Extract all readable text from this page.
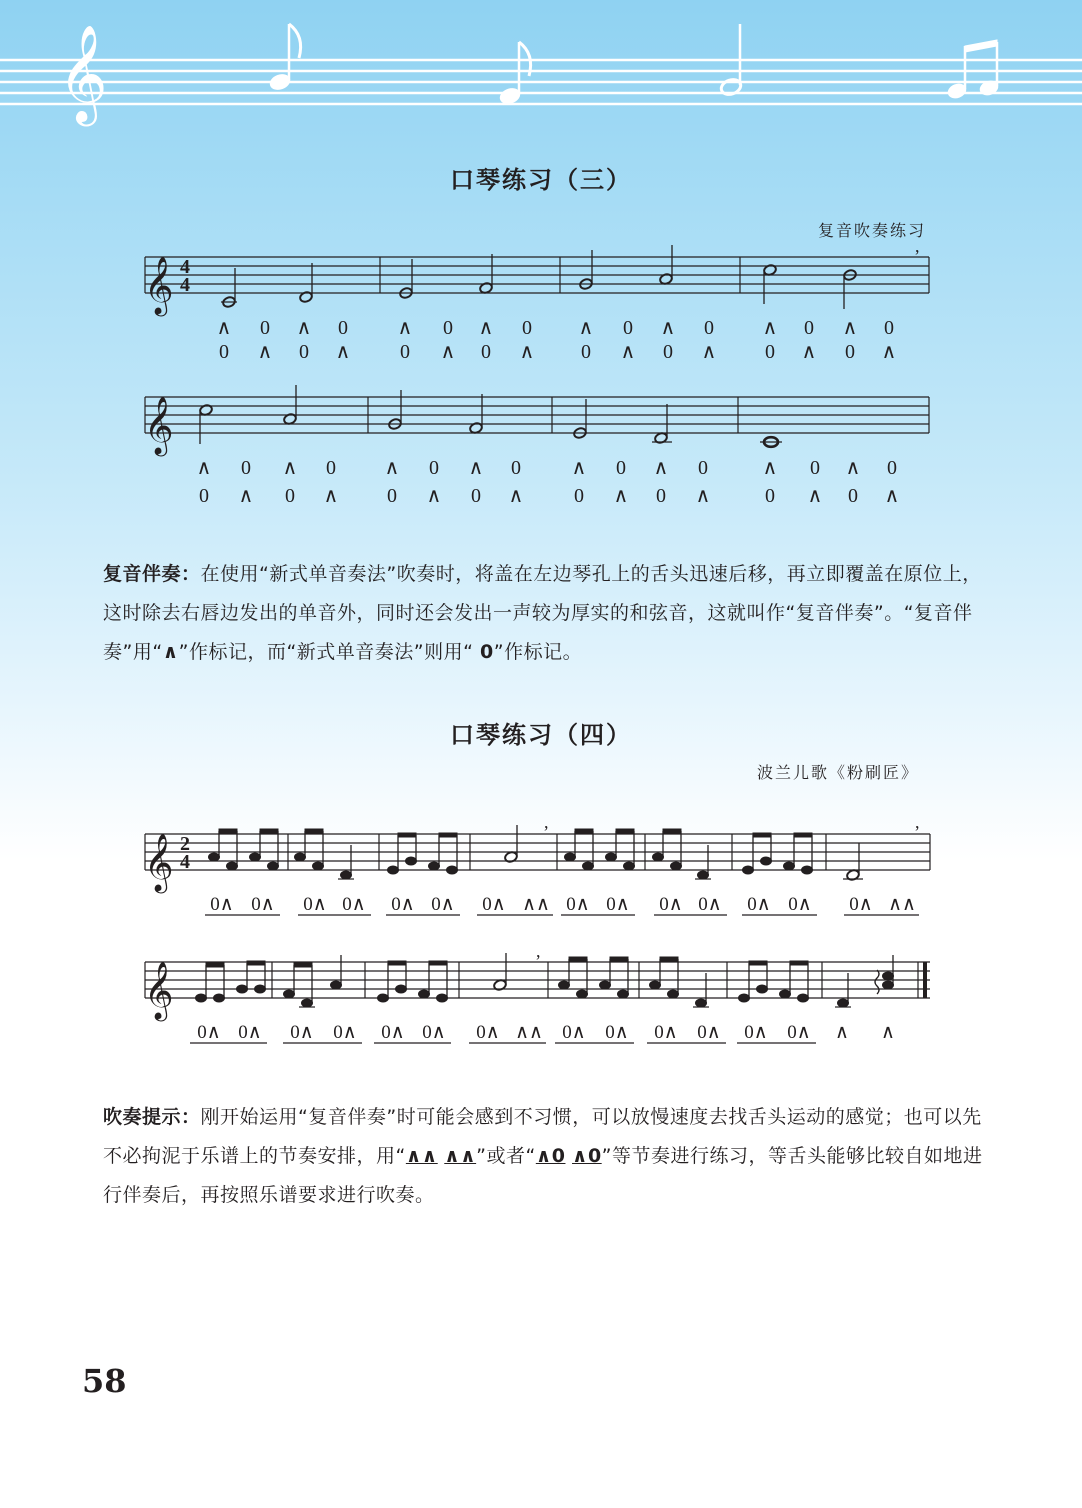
𝄞
口琴练习（三）
复音吹奏练习
𝄞 4
4
,
∧ 0 ∧ 0 ∧ 0 ∧ 0 ∧ 0 ∧ 0 ∧ 0 ∧ 0
0 ∧ 0 ∧ 0 ∧ 0 ∧ 0 ∧ 0 ∧ 0 ∧ 0 ∧
𝄞
∧ 0 ∧ 0 ∧ 0 ∧ 0	∧ 0 ∧ 0	∧ 0 ∧ 0
0 ∧ 0 ∧ 0 ∧ 0 ∧	0 ∧ 0 ∧	0 ∧ 0 ∧
𝄞 2
4
,	,
0∧ 0∧ 0∧ 0∧ 0∧ 0∧ 0∧ ∧∧ 0∧ 0∧ 0∧ 0∧ 0∧ 0∧ 0∧ ∧∧
𝄞
,
0∧ 0∧ 0∧ 0∧ 0∧ 0∧ 0∧ ∧∧ 0∧ 0∧ 0∧ 0∧ 0∧ 0∧ ∧ ∧
复音伴奏：在使用“新式单音奏法”吹奏时，将盖在左边琴孔上的舌头迅速后移，再立即覆盖在原位上，这时除去右唇边发出的单音外，同时还会发出一声较为厚实的和弦音，这就叫作“复音伴奏”。“复音伴奏”用“∧”作标记，而“新式单音奏法”则用“ 0”作标记。
口琴练习（四）
波兰儿歌《粉刷匠》
吹奏提示：刚开始运用“复音伴奏”时可能会感到不习惯，可以放慢速度去找舌头运动的感觉；也可以先不必拘泥于乐谱上的节奏安排，用“∧∧ ∧∧”或者“∧0 ∧0”等节奏进行练习，等舌头能够比较自如地进行伴奏后，再按照乐谱要求进行吹奏。
58
